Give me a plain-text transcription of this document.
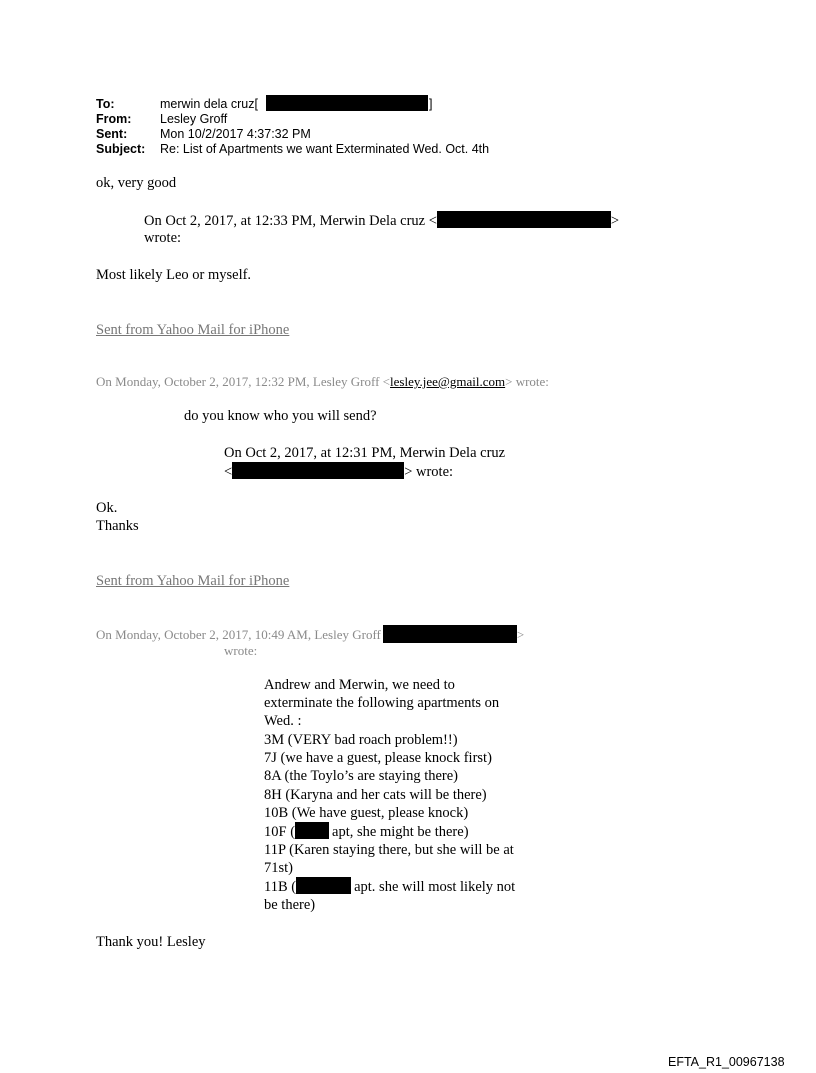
To:	merwin dela cruz[	]
From: Lesley Groff
Sent:	Mon 10/2/2017 4:37:32 PM
Subject: Re: List of Apartments we want Exterminated Wed. Oct. 4th
ok, very good
On Oct 2, 2017, at 12:33 PM, Merwin Dela cruz <	>
wrote:
Most likely Leo or myself.
Sent from Yahoo Mail for iPhone
On Monday, October 2, 2017, 12:32 PM, Lesley Groff <lesley.jee@gmail.com> wrote:
do you know who you will send?
On Oct 2, 2017, at 12:31 PM, Merwin Dela cruz
<	> wrote:
Ok.
Thanks
Sent from Yahoo Mail for iPhone
On Monday, October 2, 2017, 10:49 AM, Lesley Groff	>
wrote:
Andrew and Merwin, we need to
exterminate the following apartments on
Wed. :
3M (VERY bad roach problem!!)
7J (we have a guest, please knock first)
8A (the Toylo’s are staying there)
8H (Karyna and her cats will be there)
10B (We have guest, please knock)
10F (	apt, she might be there)
11P (Karen staying there, but she will be at
71st)
11B (	apt. she will most likely not
be there)
Thank you! Lesley
EFTA_R1_00967138
